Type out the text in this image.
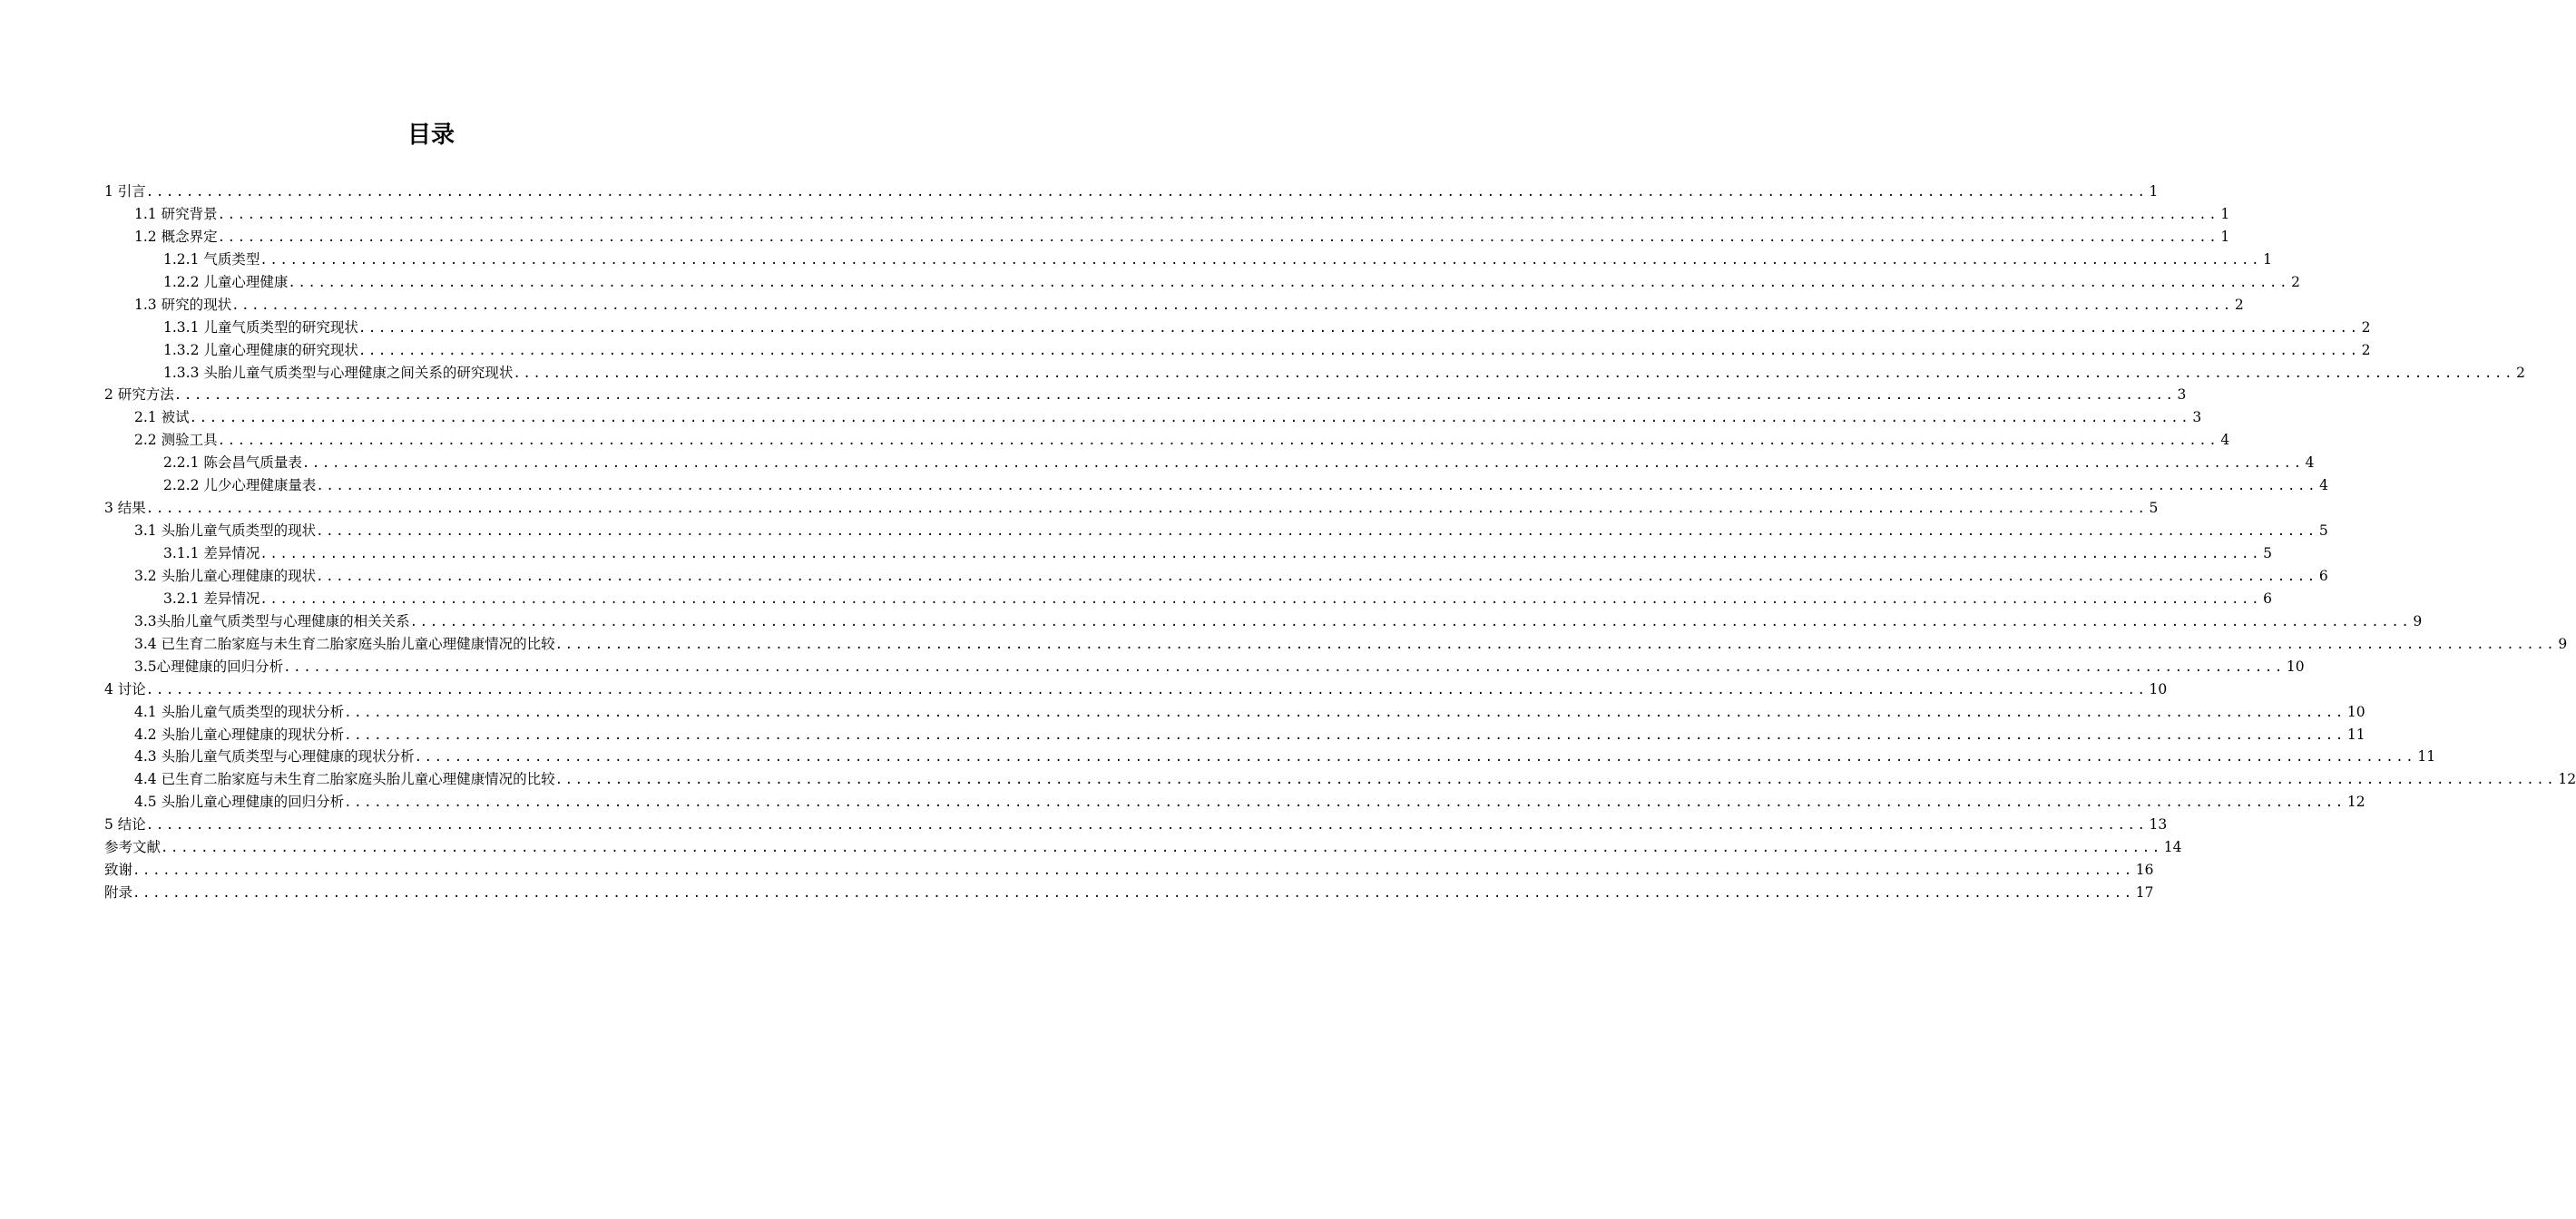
目录
1 引言 ........................................................................................................................................................................................................ 1
1.1 研究背景 ........................................................................................................................................................................................................ 1
1.2 概念界定 ........................................................................................................................................................................................................ 1
1.2.1 气质类型 ........................................................................................................................................................................................................ 1
1.2.2 儿童心理健康 ........................................................................................................................................................................................................ 2
1.3 研究的现状 ........................................................................................................................................................................................................ 2
1.3.1 儿童气质类型的研究现状 ........................................................................................................................................................................................................ 2
1.3.2 儿童心理健康的研究现状 ........................................................................................................................................................................................................ 2
1.3.3 头胎儿童气质类型与心理健康之间关系的研究现状 ........................................................................................................................................................................................................ 2
2 研究方法 ........................................................................................................................................................................................................ 3
2.1 被试 ........................................................................................................................................................................................................ 3
2.2 测验工具 ........................................................................................................................................................................................................ 4
2.2.1 陈会昌气质量表 ........................................................................................................................................................................................................ 4
2.2.2 儿少心理健康量表 ........................................................................................................................................................................................................ 4
3 结果 ........................................................................................................................................................................................................ 5
3.1 头胎儿童气质类型的现状 ........................................................................................................................................................................................................ 5
3.1.1 差异情况 ........................................................................................................................................................................................................ 5
3.2 头胎儿童心理健康的现状 ........................................................................................................................................................................................................ 6
3.2.1 差异情况 ........................................................................................................................................................................................................ 6
3.3头胎儿童气质类型与心理健康的相关关系 ........................................................................................................................................................................................................ 9
3.4 已生育二胎家庭与未生育二胎家庭头胎儿童心理健康情况的比较 ........................................................................................................................................................................................................ 9
3.5心理健康的回归分析 ........................................................................................................................................................................................................ 10
4 讨论 ........................................................................................................................................................................................................ 10
4.1 头胎儿童气质类型的现状分析 ........................................................................................................................................................................................................ 10
4.2 头胎儿童心理健康的现状分析 ........................................................................................................................................................................................................ 11
4.3 头胎儿童气质类型与心理健康的现状分析 ........................................................................................................................................................................................................ 11
4.4 已生育二胎家庭与未生育二胎家庭头胎儿童心理健康情况的比较 ........................................................................................................................................................................................................ 12
4.5 头胎儿童心理健康的回归分析 ........................................................................................................................................................................................................ 12
5 结论 ........................................................................................................................................................................................................ 13
参考文献 ........................................................................................................................................................................................................ 14
致谢 ........................................................................................................................................................................................................ 16
附录 ........................................................................................................................................................................................................ 17
